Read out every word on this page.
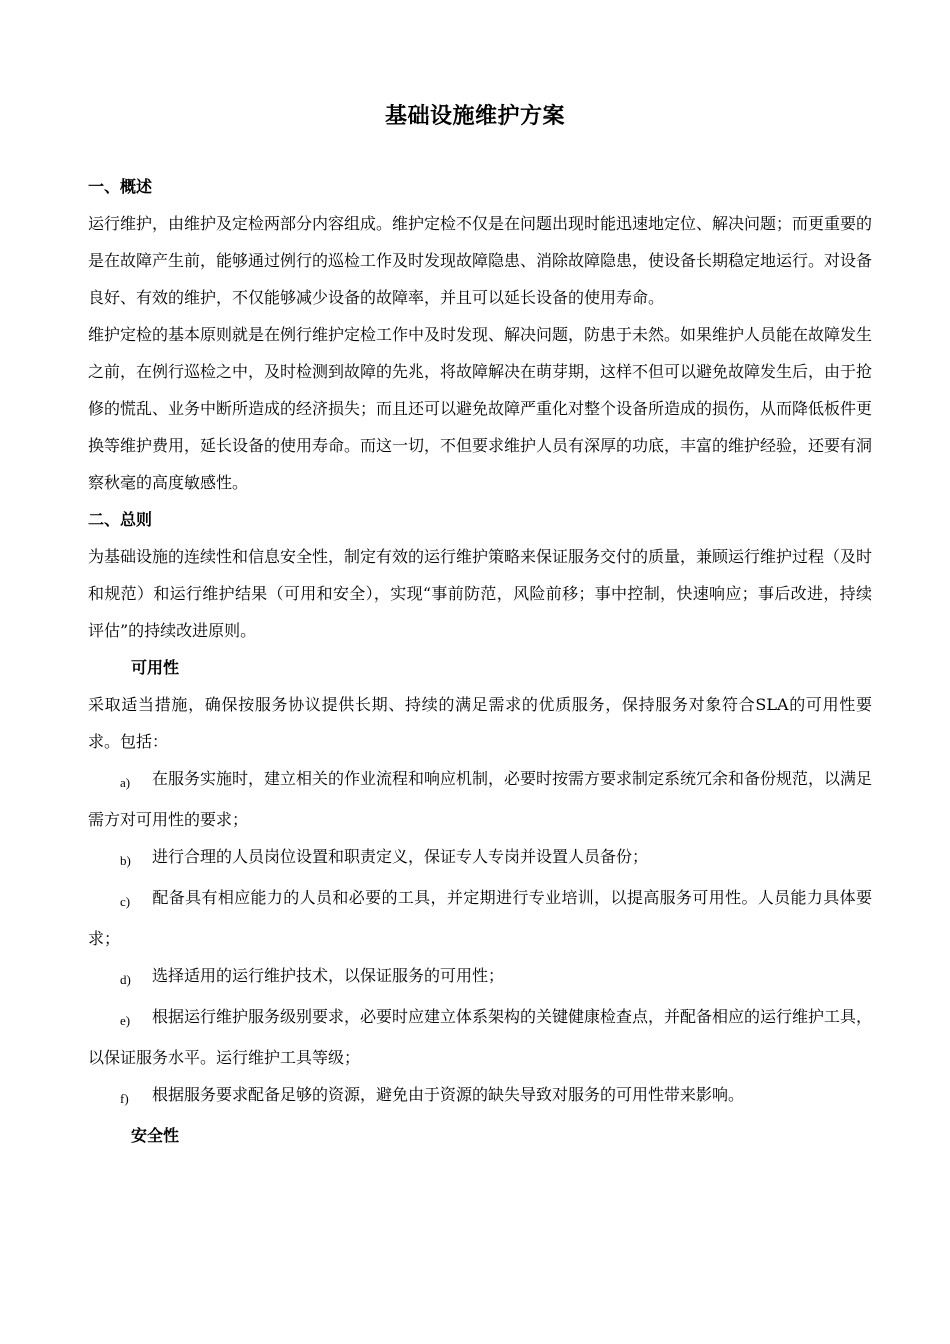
基础设施维护方案
一、概述

运行维护，由维护及定检两部分内容组成。维护定检不仅是在问题出现时能迅速地定位、解决问题；而更重要的是在故障产生前，能够通过例行的巡检工作及时发现故障隐患、消除故障隐患，使设备长期稳定地运行。对设备良好、有效的维护，不仅能够减少设备的故障率，并且可以延长设备的使用寿命。

维护定检的基本原则就是在例行维护定检工作中及时发现、解决问题，防患于未然。如果维护人员能在故障发生之前，在例行巡检之中，及时检测到故障的先兆，将故障解决在萌芽期，这样不但可以避免故障发生后，由于抢修的慌乱、业务中断所造成的经济损失；而且还可以避免故障严重化对整个设备所造成的损伤，从而降低板件更换等维护费用，延长设备的使用寿命。而这一切，不但要求维护人员有深厚的功底，丰富的维护经验，还要有洞察秋毫的高度敏感性。

二、总则

为基础设施的连续性和信息安全性，制定有效的运行维护策略来保证服务交付的质量，兼顾运行维护过程（及时和规范）和运行维护结果（可用和安全），实现“事前防范，风险前移；事中控制，快速响应；事后改进，持续评估”的持续改进原则。

可用性

采取适当措施，确保按服务协议提供长期、持续的满足需求的优质服务，保持服务对象符合SLA的可用性要求。包括：

a) 在服务实施时，建立相关的作业流程和响应机制，必要时按需方要求制定系统冗余和备份规范，以满足需方对可用性的要求；

b) 进行合理的人员岗位设置和职责定义，保证专人专岗并设置人员备份；

c) 配备具有相应能力的人员和必要的工具，并定期进行专业培训，以提高服务可用性。人员能力具体要求；

d) 选择适用的运行维护技术，以保证服务的可用性；

e) 根据运行维护服务级别要求，必要时应建立体系架构的关键健康检查点，并配备相应的运行维护工具，以保证服务水平。运行维护工具等级；

f) 根据服务要求配备足够的资源，避免由于资源的缺失导致对服务的可用性带来影响。

安全性
